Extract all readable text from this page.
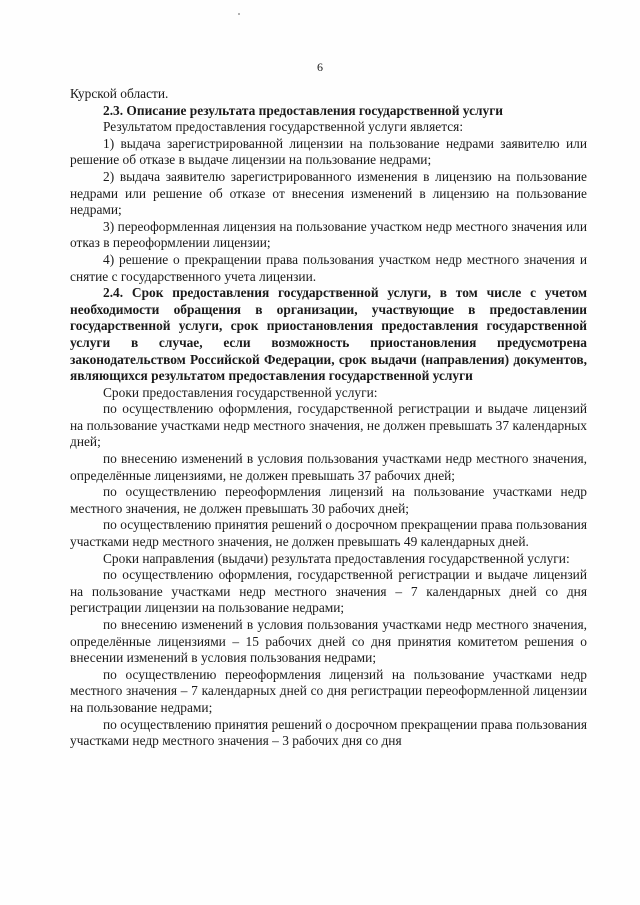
6

Курской области.

2.3. Описание результата предоставления государственной услуги

Результатом предоставления государственной услуги является:

1) выдача зарегистрированной лицензии на пользование недрами заявителю или решение об отказе в выдаче лицензии на пользование недрами;

2) выдача заявителю зарегистрированного изменения в лицензию на пользование недрами или решение об отказе от внесения изменений в лицензию на пользование недрами;

3) переоформленная лицензия на пользование участком недр местного значения или отказ в переоформлении лицензии;

4) решение о прекращении права пользования участком недр местного значения и снятие с государственного учета лицензии.

2.4. Срок предоставления государственной услуги, в том числе с учетом необходимости обращения в организации, участвующие в предоставлении государственной услуги, срок приостановления предоставления государственной услуги в случае, если возможность приостановления предусмотрена законодательством Российской Федерации, срок выдачи (направления) документов, являющихся результатом предоставления государственной услуги

Сроки предоставления государственной услуги:

по осуществлению оформления, государственной регистрации и выдаче лицензий на пользование участками недр местного значения, не должен превышать 37 календарных дней;

по внесению изменений в условия пользования участками недр местного значения, определённые лицензиями, не должен превышать 37 рабочих дней;

по осуществлению переоформления лицензий на пользование участками недр местного значения, не должен превышать 30 рабочих дней;

по осуществлению принятия решений о досрочном прекращении права пользования участками недр местного значения, не должен превышать 49 календарных дней.

Сроки направления (выдачи) результата предоставления государственной услуги:

по осуществлению оформления, государственной регистрации и выдаче лицензий на пользование участками недр местного значения – 7 календарных дней со дня регистрации лицензии на пользование недрами;

по внесению изменений в условия пользования участками недр местного значения, определённые лицензиями – 15 рабочих дней со дня принятия комитетом решения о внесении изменений в условия пользования недрами;

по осуществлению переоформления лицензий на пользование участками недр местного значения – 7 календарных дней со дня регистрации переоформленной лицензии на пользование недрами;

по осуществлению принятия решений о досрочном прекращении права пользования участками недр местного значения – 3 рабочих дня со дня
